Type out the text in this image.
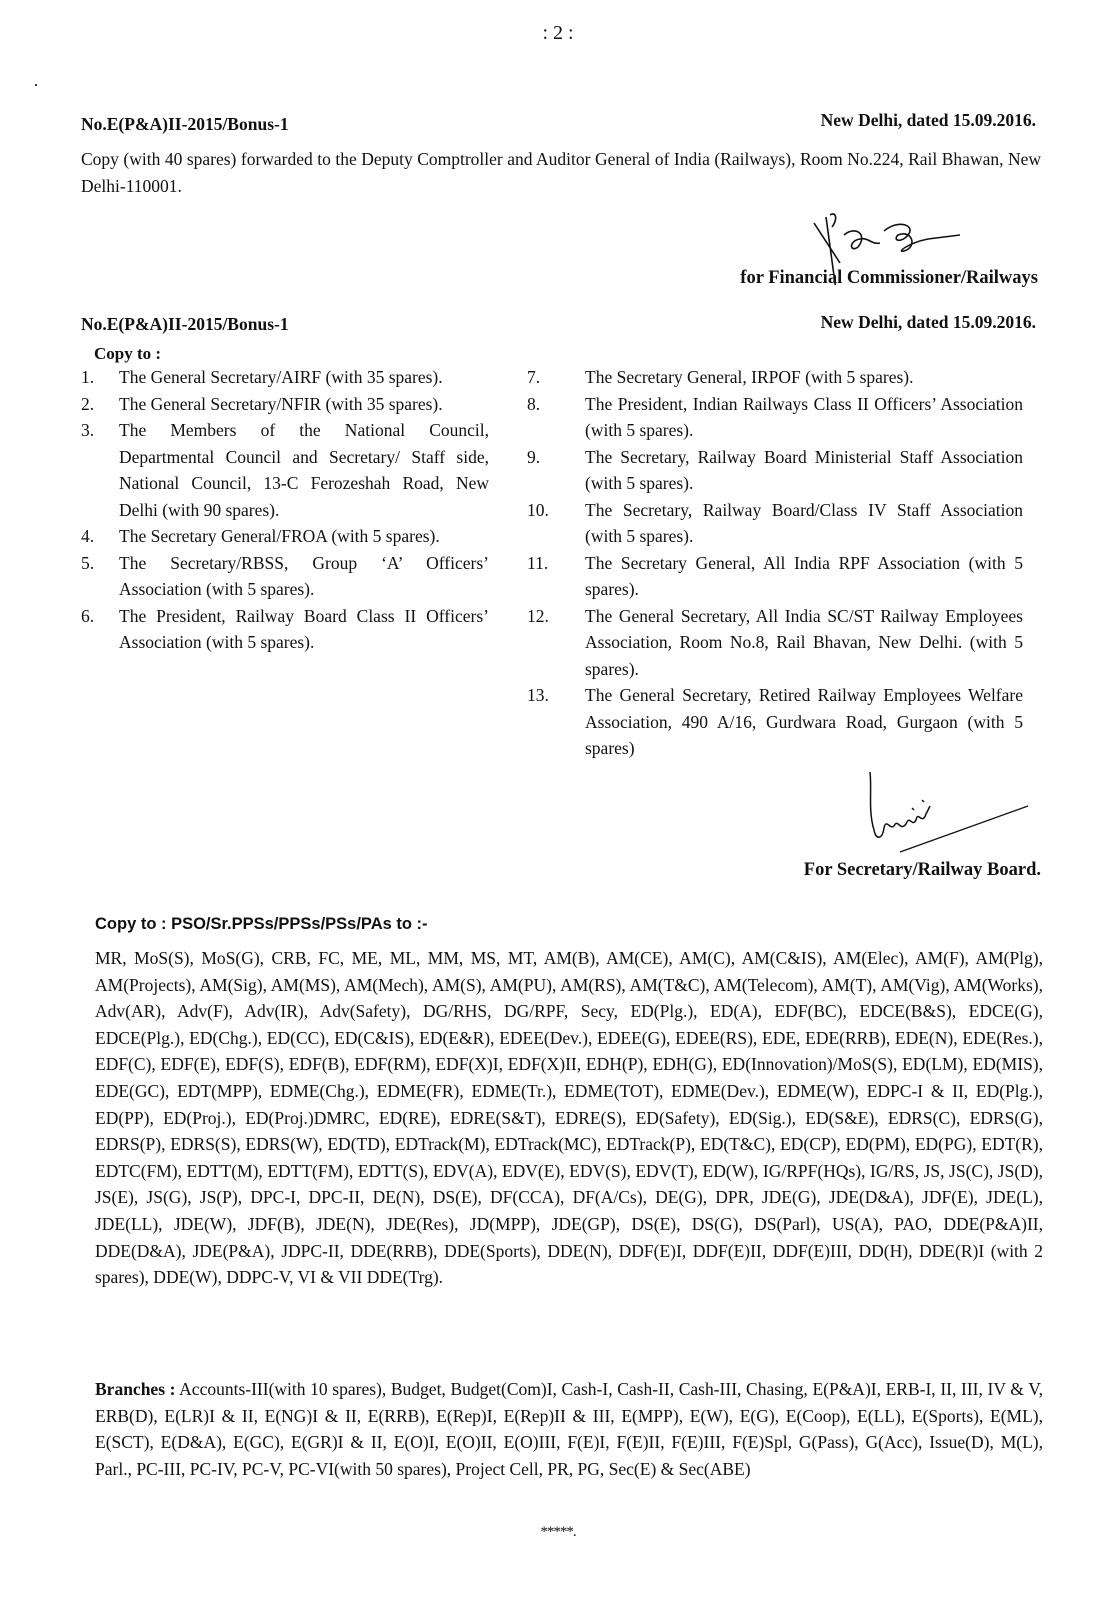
: 2 :
No.E(P&A)II-2015/Bonus-1	New Delhi, dated 15.09.2016.
Copy (with 40 spares) forwarded to the Deputy Comptroller and Auditor General of India (Railways), Room No.224, Rail Bhawan, New Delhi-110001.
for Financial Commissioner/Railways
No.E(P&A)II-2015/Bonus-1	New Delhi, dated 15.09.2016.
Copy to :
1. The General Secretary/AIRF (with 35 spares).
2. The General Secretary/NFIR (with 35 spares).
3. The Members of the National Council, Departmental Council and Secretary/ Staff side, National Council, 13-C Ferozeshah Road, New Delhi (with 90 spares).
4. The Secretary General/FROA (with 5 spares).
5. The Secretary/RBSS, Group ‘A’ Officers’ Association (with 5 spares).
6. The President, Railway Board Class II Officers’ Association (with 5 spares).
7.	The Secretary General, IRPOF (with 5 spares).
8.	The President, Indian Railways Class II Officers’ Association (with 5 spares).
9.	The Secretary, Railway Board Ministerial Staff Association (with 5 spares).
10. The Secretary, Railway Board/Class IV Staff Association (with 5 spares).
11. The Secretary General, All India RPF Association (with 5 spares).
12. The General Secretary, All India SC/ST Railway Employees Association, Room No.8, Rail Bhavan, New Delhi. (with 5 spares).
13. The General Secretary, Retired Railway Employees Welfare Association, 490 A/16, Gurdwara Road, Gurgaon (with 5 spares)
For Secretary/Railway Board.
Copy to : PSO/Sr.PPSs/PPSs/PSs/PAs to :-
MR, MoS(S), MoS(G), CRB, FC, ME, ML, MM, MS, MT, AM(B), AM(CE), AM(C), AM(C&IS), AM(Elec), AM(F), AM(Plg), AM(Projects), AM(Sig), AM(MS), AM(Mech), AM(S), AM(PU), AM(RS), AM(T&C), AM(Telecom), AM(T), AM(Vig), AM(Works), Adv(AR), Adv(F), Adv(IR), Adv(Safety), DG/RHS, DG/RPF, Secy, ED(Plg.), ED(A), EDF(BC), EDCE(B&S), EDCE(G), EDCE(Plg.), ED(Chg.), ED(CC), ED(C&IS), ED(E&R), EDEE(Dev.), EDEE(G), EDEE(RS), EDE, EDE(RRB), EDE(N), EDE(Res.), EDF(C), EDF(E), EDF(S), EDF(B), EDF(RM), EDF(X)I, EDF(X)II, EDH(P), EDH(G), ED(Innovation)/MoS(S), ED(LM), ED(MIS), EDE(GC), EDT(MPP), EDME(Chg.), EDME(FR), EDME(Tr.), EDME(TOT), EDME(Dev.), EDME(W), EDPC-I & II, ED(Plg.), ED(PP), ED(Proj.), ED(Proj.)DMRC, ED(RE), EDRE(S&T), EDRE(S), ED(Safety), ED(Sig.), ED(S&E), EDRS(C), EDRS(G), EDRS(P), EDRS(S), EDRS(W), ED(TD), EDTrack(M), EDTrack(MC), EDTrack(P), ED(T&C), ED(CP), ED(PM), ED(PG), EDT(R), EDTC(FM), EDTT(M), EDTT(FM), EDTT(S), EDV(A), EDV(E), EDV(S), EDV(T), ED(W), IG/RPF(HQs), IG/RS, JS, JS(C), JS(D), JS(E), JS(G), JS(P), DPC-I, DPC-II, DE(N), DS(E), DF(CCA), DF(A/Cs), DE(G), DPR, JDE(G), JDE(D&A), JDF(E), JDE(L), JDE(LL), JDE(W), JDF(B), JDE(N), JDE(Res), JD(MPP), JDE(GP), DS(E), DS(G), DS(Parl), US(A), PAO, DDE(P&A)II, DDE(D&A), JDE(P&A), JDPC-II, DDE(RRB), DDE(Sports), DDE(N), DDF(E)I, DDF(E)II, DDF(E)III, DD(H), DDE(R)I (with 2 spares), DDE(W), DDPC-V, VI & VII DDE(Trg).
Branches : Accounts-III(with 10 spares), Budget, Budget(Com)I, Cash-I, Cash-II, Cash-III, Chasing, E(P&A)I, ERB-I, II, III, IV & V, ERB(D), E(LR)I & II, E(NG)I & II, E(RRB), E(Rep)I, E(Rep)II & III, E(MPP), E(W), E(G), E(Coop), E(LL), E(Sports), E(ML), E(SCT), E(D&A), E(GC), E(GR)I & II, E(O)I, E(O)II, E(O)III, F(E)I, F(E)II, F(E)III, F(E)Spl, G(Pass), G(Acc), Issue(D), M(L), Parl., PC-III, PC-IV, PC-V, PC-VI(with 50 spares), Project Cell, PR, PG, Sec(E) & Sec(ABE)
*****.
